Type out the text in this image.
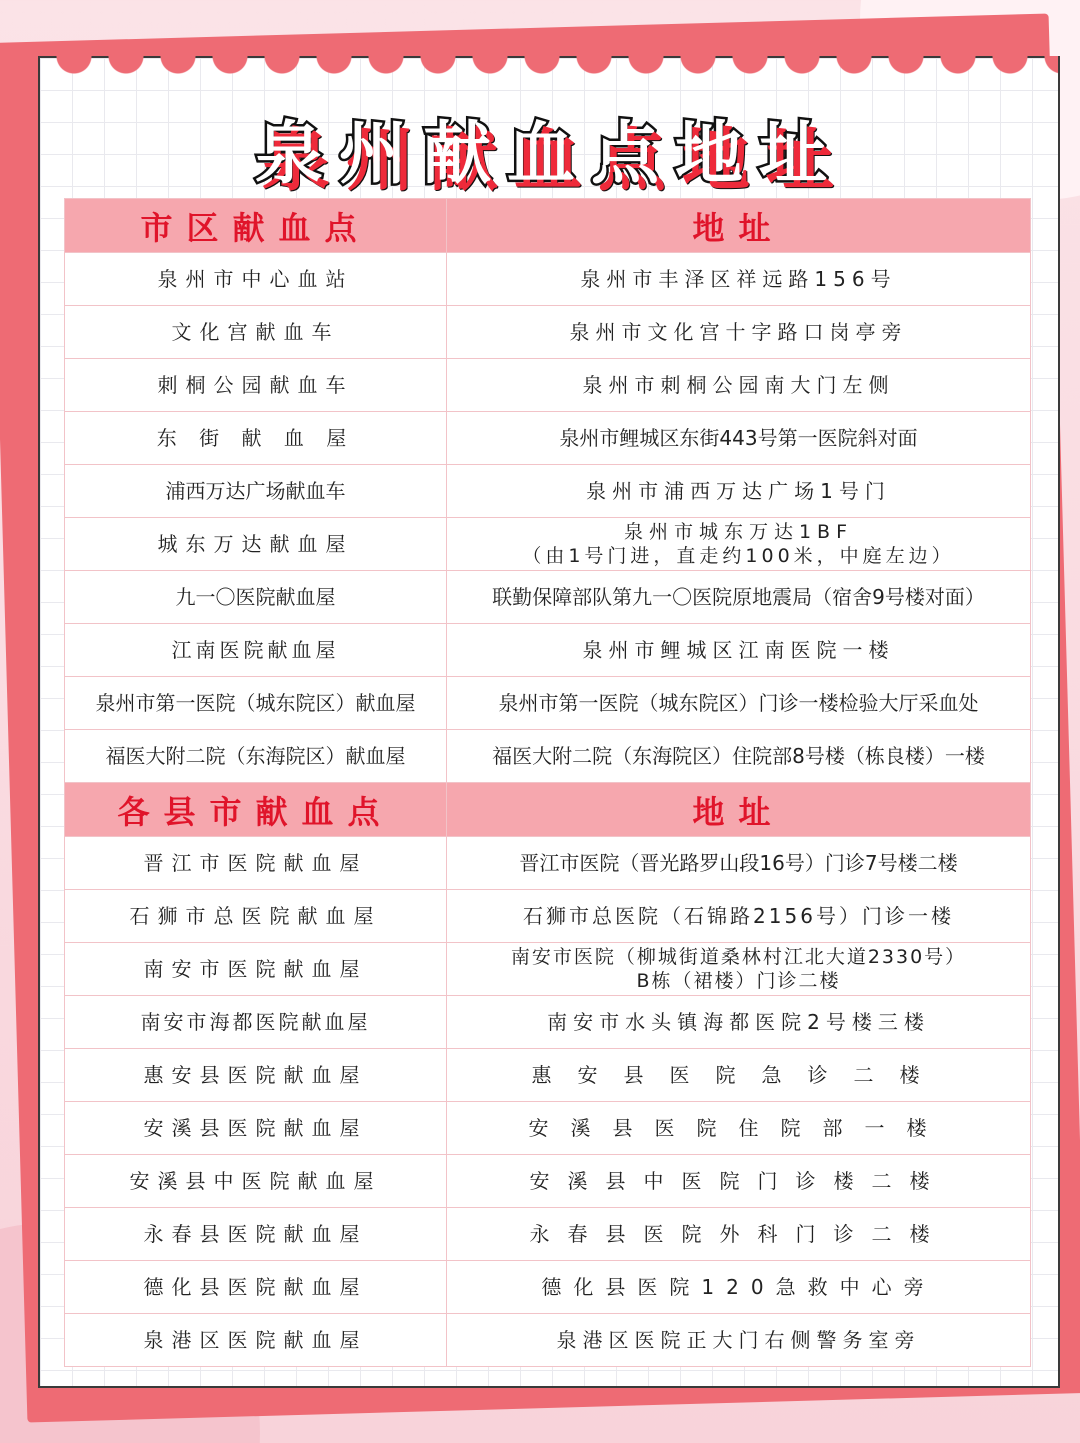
泉州献血点地址
市区献血点	地址
泉州市中心血站	泉州市丰泽区祥远路156号
文化宫献血车	泉州市文化宫十字路口岗亭旁
刺桐公园献血车	泉州市刺桐公园南大门左侧
东 街 献 血 屋	泉州市鲤城区东街443号第一医院斜对面
浦西万达广场献血车	泉州市浦西万达广场1号门
城东万达献血屋	泉州市城东万达1BF
（由1号门进，直走约100米，中庭左边）

九一〇医院献血屋	联勤保障部队第九一〇医院原地震局（宿舍9号楼对面）
江南医院献血屋	泉州市鲤城区江南医院一楼
泉州市第一医院（城东院区）献血屋	泉州市第一医院（城东院区）门诊一楼检验大厅采血处
福医大附二院（东海院区）献血屋	福医大附二院（东海院区）住院部8号楼（栋良楼）一楼
各县市献血点	地址
晋江市医院献血屋	晋江市医院（晋光路罗山段16号）门诊7号楼二楼
石狮市总医院献血屋	石狮市总医院（石锦路2156号）门诊一楼
南安市医院献血屋	南安市医院（柳城街道桑林村江北大道2330号）
B栋（裙楼）门诊二楼

南安市海都医院献血屋	南安市水头镇海都医院2号楼三楼
惠安县医院献血屋	惠安县医院急诊二楼
安溪县医院献血屋	安溪县医院住院部一楼
安溪县中医院献血屋	安溪县中医院门诊楼二楼
永春县医院献血屋	永春县医院外科门诊二楼
德化县医院献血屋	德化县医院120急救中心旁
泉港区医院献血屋	泉港区医院正大门右侧警务室旁
